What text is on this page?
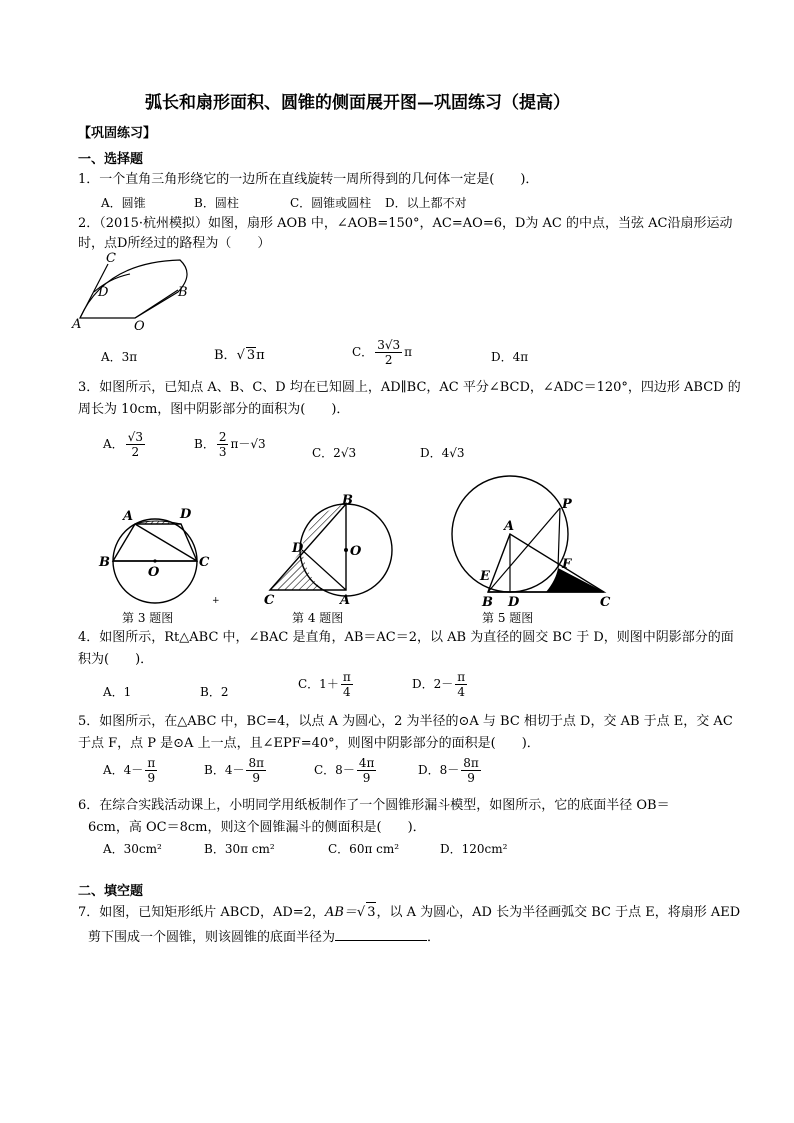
弧长和扇形面积、圆锥的侧面展开图—巩固练习（提高）
【巩固练习】
一、选择题
1．一个直角三角形绕它的一边所在直线旋转一周所得到的几何体一定是(　　)．
A．圆锥	B．圆柱	C．圆锥或圆柱 D．以上都不对
2．（2015·杭州模拟）如图，扇形 AOB 中，∠AOB=150°，AC=AO=6，D为 AC 的中点，当弦 AC沿扇形运动
时，点D所经过的路程为（　　）
C
D	B
A	O
A．3π	B． √ 3π	C． $\frac{3√3}{2}$ π	D．4π
3．如图所示，已知点 A、B、C、D 均在已知圆上，AD∥BC，AC 平分∠BCD，∠ADC＝120°，四边形 ABCD 的
周长为 10cm，图中阴影部分的面积为(　　)．
A． $\frac{√3}{2}$	B． $\frac{2}{3} \pi-√3$
C．2√3	D．4√3
A	D
B	C
O
第 3 题图
+
B
D	O
C	A
第 4 题图
P
A
F
E
B D	C
第 5 题图
4．如图所示，Rt△ABC 中，∠BAC 是直角，AB＝AC＝2，以 AB 为直径的圆交 BC 于 D，则图中阴影部分的面
积为(　　)．
A．1	B．2
C．$1+ \frac{\pi}{4}$	D．$2- \frac{\pi}{4}$
5．如图所示，在△ABC 中，BC=4，以点 A 为圆心，2 为半径的⊙A 与 BC 相切于点 D，交 AB 于点 E，交 AC
于点 F，点 P 是⊙A 上一点，且∠EPF=40°，则图中阴影部分的面积是(　　)．
A．$4- \frac{\pi}{9}$	B．$4- \frac{8\pi}{9}$	C．$8- \frac{4\pi}{9}$	D．$8- \frac{8\pi}{9}$
6．在综合实践活动课上，小明同学用纸板制作了一个圆锥形漏斗模型，如图所示，它的底面半径 OB＝
6cm，高 OC＝8cm，则这个圆锥漏斗的侧面积是(　　)．
A．30cm²	B．30π cm²	C．60π cm²	D．120cm²
二、填空题
7．如图，已知矩形纸片 ABCD，AD=2，AB＝ √ 3，以 A 为圆心，AD 长为半径画弧交 BC 于点 E，将扇形 AED
剪下围成一个圆锥，则该圆锥的底面半径为	．
